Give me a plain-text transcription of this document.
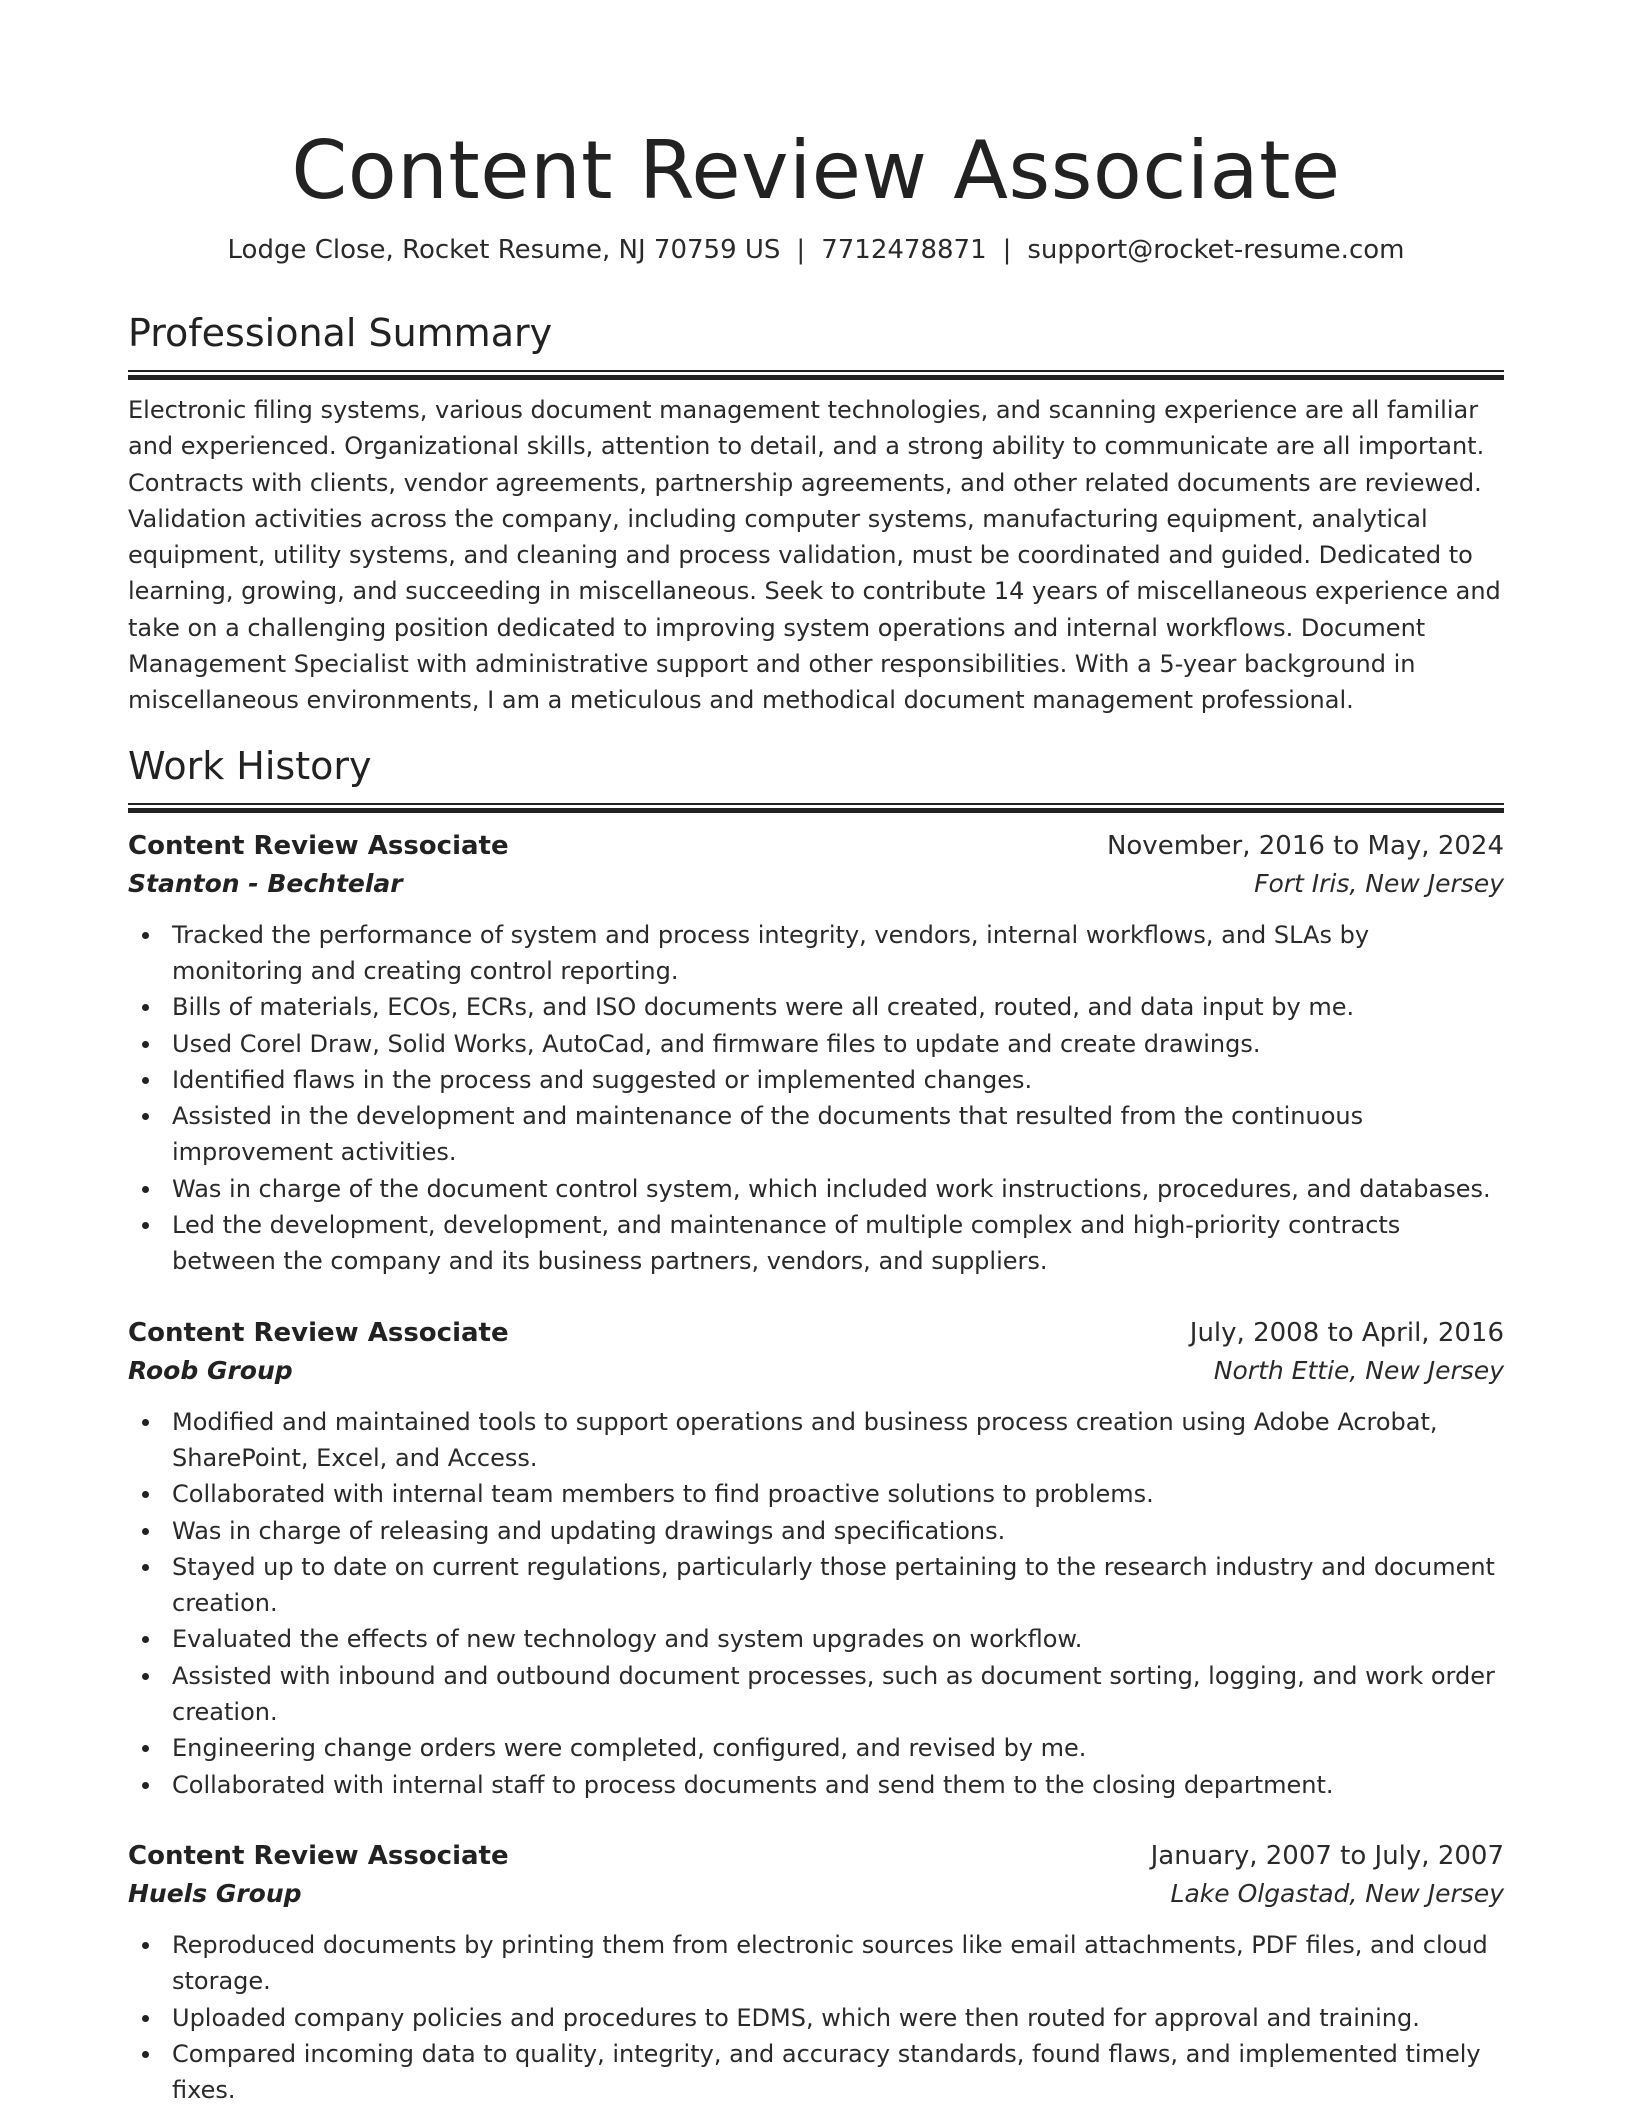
Content Review Associate
Lodge Close, Rocket Resume, NJ 70759 US | 7712478871 | support@rocket-resume.com
Professional Summary

Electronic filing systems, various document management technologies, and scanning experience are all familiar and experienced. Organizational skills, attention to detail, and a strong ability to communicate are all important. Contracts with clients, vendor agreements, partnership agreements, and other related documents are reviewed. Validation activities across the company, including computer systems, manufacturing equipment, analytical equipment, utility systems, and cleaning and process validation, must be coordinated and guided. Dedicated to learning, growing, and succeeding in miscellaneous. Seek to contribute 14 years of miscellaneous experience and take on a challenging position dedicated to improving system operations and internal workflows. Document Management Specialist with administrative support and other responsibilities. With a 5-year background in miscellaneous environments, I am a meticulous and methodical document management professional.

Work History
Content Review Associate	November, 2016 to May, 2024
Stanton - Bechtelar	Fort Iris, New Jersey
Tracked the performance of system and process integrity, vendors, internal workflows, and SLAs by monitoring and creating control reporting.
Bills of materials, ECOs, ECRs, and ISO documents were all created, routed, and data input by me.
Used Corel Draw, Solid Works, AutoCad, and firmware files to update and create drawings.
Identified flaws in the process and suggested or implemented changes.
Assisted in the development and maintenance of the documents that resulted from the continuous improvement activities.
Was in charge of the document control system, which included work instructions, procedures, and databases.
Led the development, development, and maintenance of multiple complex and high-priority contracts between the company and its business partners, vendors, and suppliers.
Content Review Associate	July, 2008 to April, 2016
Roob Group	North Ettie, New Jersey
Modified and maintained tools to support operations and business process creation using Adobe Acrobat, SharePoint, Excel, and Access.
Collaborated with internal team members to find proactive solutions to problems.
Was in charge of releasing and updating drawings and specifications.
Stayed up to date on current regulations, particularly those pertaining to the research industry and document creation.
Evaluated the effects of new technology and system upgrades on workflow.
Assisted with inbound and outbound document processes, such as document sorting, logging, and work order creation.
Engineering change orders were completed, configured, and revised by me.
Collaborated with internal staff to process documents and send them to the closing department.
Content Review Associate	January, 2007 to July, 2007
Huels Group	Lake Olgastad, New Jersey
Reproduced documents by printing them from electronic sources like email attachments, PDF files, and cloud storage.
Uploaded company policies and procedures to EDMS, which were then routed for approval and training.
Compared incoming data to quality, integrity, and accuracy standards, found flaws, and implemented timely fixes.
